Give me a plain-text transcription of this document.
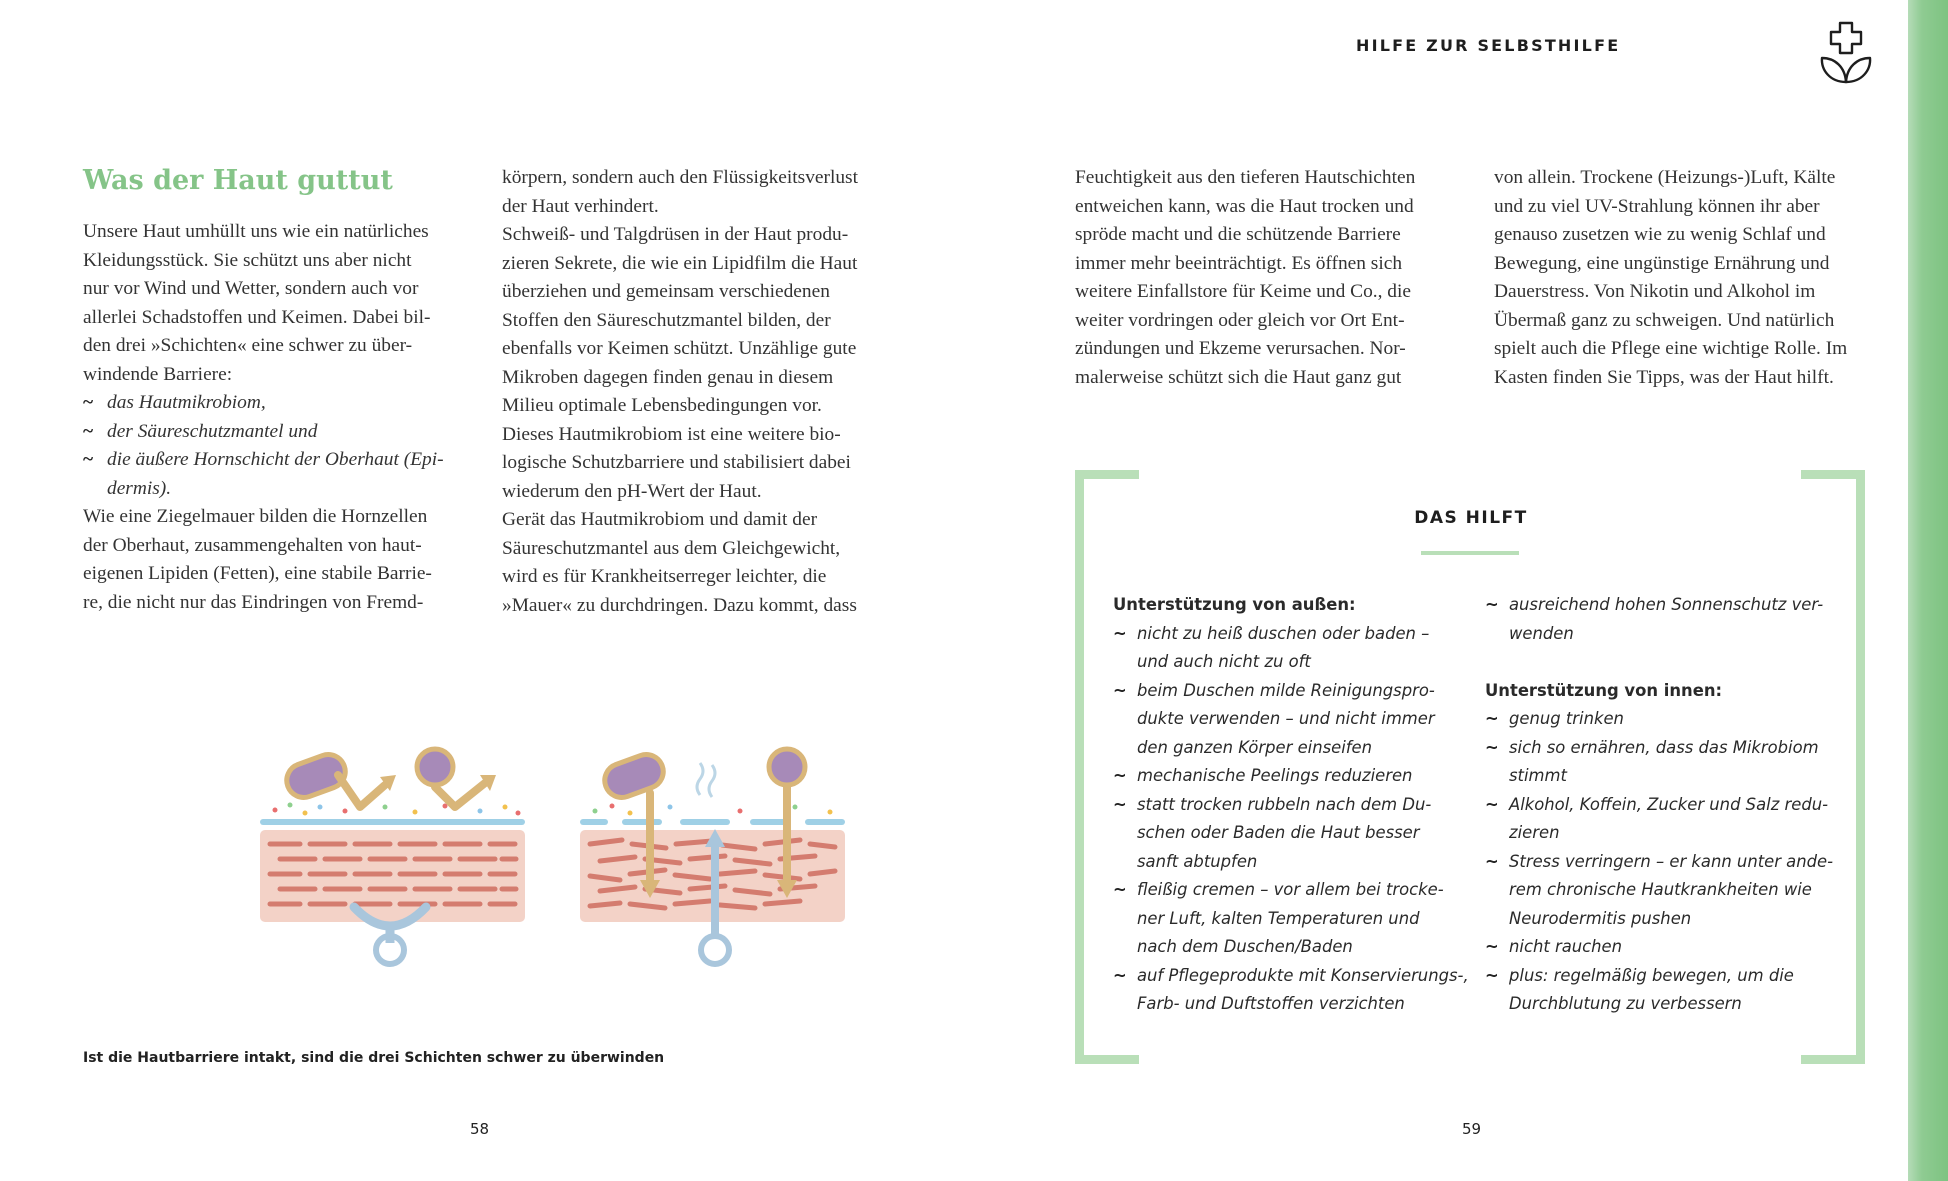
HILFE ZUR SELBSTHILFE
Was der Haut guttut
Unsere Haut umhüllt uns wie ein natürliches
Kleidungsstück. Sie schützt uns aber nicht
nur vor Wind und Wetter, sondern auch vor
allerlei Schadstoffen und Keimen. Dabei bil-
den drei »Schichten« eine schwer zu über-
windende Barriere:
~ das Hautmikrobiom,
~ der Säureschutzmantel und
~ die äußere Hornschicht der Oberhaut (Epi-
dermis).
Wie eine Ziegelmauer bilden die Hornzellen
der Oberhaut, zusammengehalten von haut-
eigenen Lipiden (Fetten), eine stabile Barrie-
re, die nicht nur das Eindringen von Fremd-
körpern, sondern auch den Flüssigkeitsverlust
der Haut verhindert.
Schweiß- und Talgdrüsen in der Haut produ-
zieren Sekrete, die wie ein Lipidfilm die Haut
überziehen und gemeinsam verschiedenen
Stoffen den Säureschutzmantel bilden, der
ebenfalls vor Keimen schützt. Unzählige gute
Mikroben dagegen finden genau in diesem
Milieu optimale Lebensbedingungen vor.
Dieses Hautmikrobiom ist eine weitere bio-
logische Schutzbarriere und stabilisiert dabei
wiederum den pH-Wert der Haut.
Gerät das Hautmikrobiom und damit der
Säureschutzmantel aus dem Gleichgewicht,
wird es für Krankheitserreger leichter, die
»Mauer« zu durchdringen. Dazu kommt, dass
Feuchtigkeit aus den tieferen Hautschichten
entweichen kann, was die Haut trocken und
spröde macht und die schützende Barriere
immer mehr beeinträchtigt. Es öffnen sich
weitere Einfallstore für Keime und Co., die
weiter vordringen oder gleich vor Ort Ent-
zündungen und Ekzeme verursachen. Nor-
malerweise schützt sich die Haut ganz gut
von allein. Trockene (Heizungs-)Luft, Kälte
und zu viel UV-Strahlung können ihr aber
genauso zusetzen wie zu wenig Schlaf und
Bewegung, eine ungünstige Ernährung und
Dauerstress. Von Nikotin und Alkohol im
Übermaß ganz zu schweigen. Und natürlich
spielt auch die Pflege eine wichtige Rolle. Im
Kasten finden Sie Tipps, was der Haut hilft.
Ist die Hautbarriere intakt, sind die drei Schichten schwer zu überwinden
58	59
DAS HILFT
Unterstützung von außen:
~ nicht zu heiß duschen oder baden –
und auch nicht zu oft
~ beim Duschen milde Reinigungspro-
dukte verwenden – und nicht immer
den ganzen Körper einseifen
~ mechanische Peelings reduzieren
~ statt trocken rubbeln nach dem Du-
schen oder Baden die Haut besser
sanft abtupfen
~ fleißig cremen – vor allem bei trocke-
ner Luft, kalten Temperaturen und
nach dem Duschen/Baden
~ auf Pflegeprodukte mit Konservierungs-,
Farb- und Duftstoffen verzichten
~ ausreichend hohen Sonnenschutz ver-
wenden
Unterstützung von innen:
~ genug trinken
~ sich so ernähren, dass das Mikrobiom
stimmt
~ Alkohol, Koffein, Zucker und Salz redu-
zieren
~ Stress verringern – er kann unter ande-
rem chronische Hautkrankheiten wie
Neurodermitis pushen
~ nicht rauchen
~ plus: regelmäßig bewegen, um die
Durchblutung zu verbessern
